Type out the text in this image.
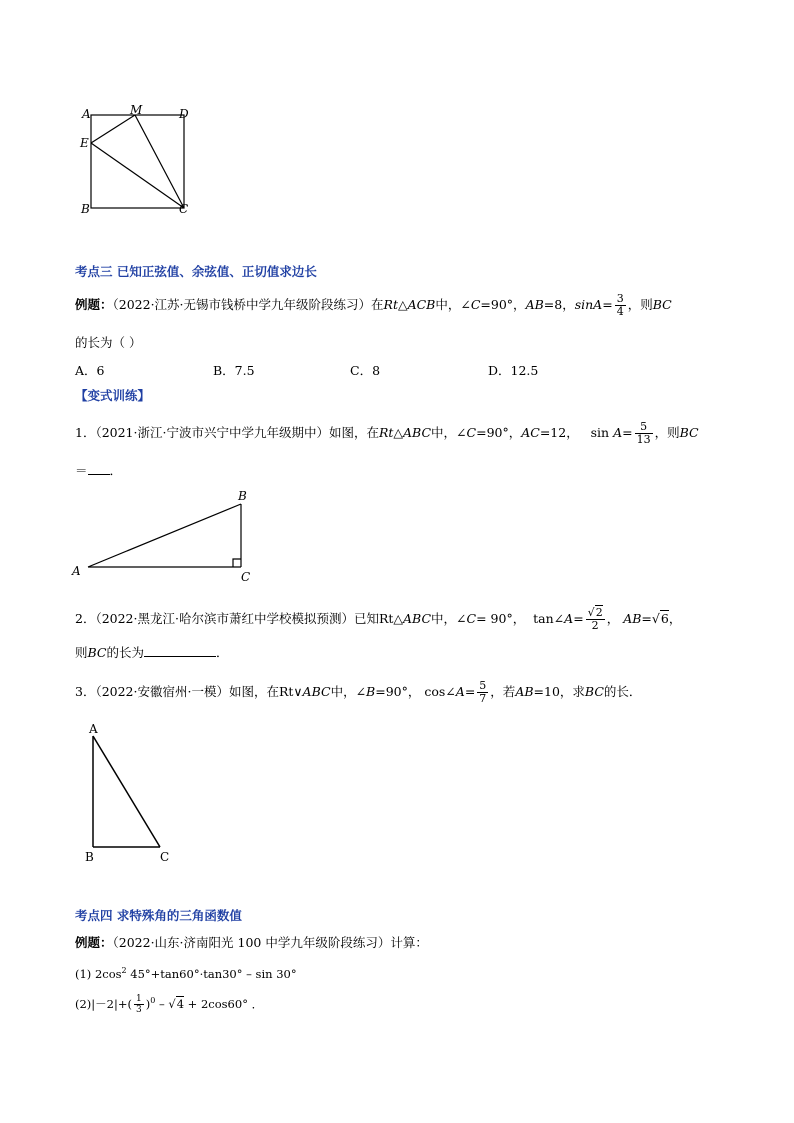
A	M	D
E
B	C
考点三 已知正弦值、余弦值、正切值求边长
例题：（2022·江苏·无锡市钱桥中学九年级阶段练习）在Rt△ACB中，∠C=90°，AB=8，$\sin A= \frac{3}{4}$ ，则BC
的长为（ ）
A．6	B．7.5	C．8	D．12.5
【变式训练】
1．（2021·浙江·宁波市兴宁中学九年级期中）如图，在Rt△ABC中，∠C=90°，AC=12， $\sin A= \frac{5}{13}$ ，则BC
＝ ．
A
B
C
2．（2022·黑龙江·哈尔滨市萧红中学校模拟预测）已知Rt△ABC中，∠C= 90°， tan∠A= $\frac{√2}{2}$ ， AB=√6，
则BC的长为	．
3．（2022·安徽宿州·一模）如图，在Rt∨ABC中，∠B=90°， cos∠A= $\frac{5}{7}$ ，若AB=10，求BC的长．
A
B	C
考点四 求特殊角的三角函数值
例题：（2022·山东·济南阳光 100 中学九年级阶段练习）计算：
(1) $2\cos^2$ 45°+tan60°·tan30° – sin 30°
$(2)|-2|+( \frac{1}{3} )^0 - √4 + 2\cos 60^\circ$ ．
